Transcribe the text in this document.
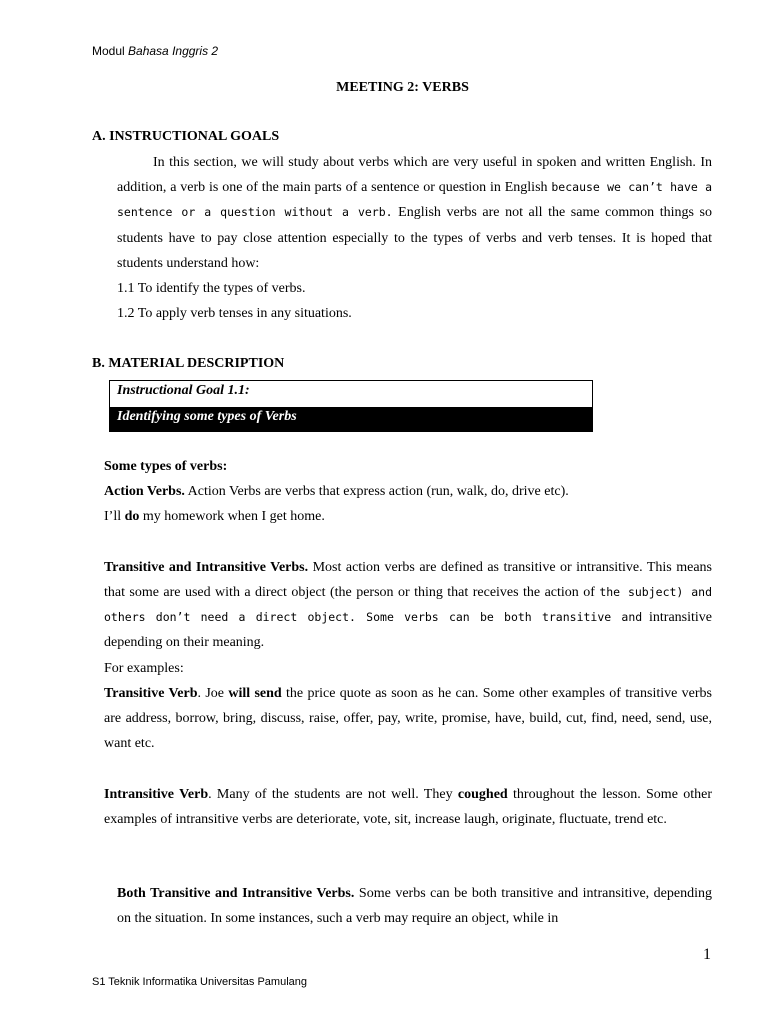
Modul Bahasa Inggris 2
MEETING 2: VERBS
A. INSTRUCTIONAL GOALS

In this section, we will study about verbs which are very useful in spoken and written English. In addition, a verb is one of the main parts of a sentence or question in English because we can’t have a sentence or a question without a verb. English verbs are not all the same common things so students have to pay close attention especially to the types of verbs and verb tenses. It is hoped that students understand how:

1.1 To identify the types of verbs.

1.2 To apply verb tenses in any situations.

B. MATERIAL DESCRIPTION
Instructional Goal 1.1:
Identifying some types of Verbs

Some types of verbs:

Action Verbs. Action Verbs are verbs that express action (run, walk, do, drive etc).

I’ll do my homework when I get home.

Transitive and Intransitive Verbs. Most action verbs are defined as transitive or intransitive. This means that some are used with a direct object (the person or thing that receives the action of the subject) and others don’t need a direct object. Some verbs can be both transitive and intransitive depending on their meaning.

For examples:

Transitive Verb. Joe will send the price quote as soon as he can. Some other examples of transitive verbs are address, borrow, bring, discuss, raise, offer, pay, write, promise, have, build, cut, find, need, send, use, want etc.

Intransitive Verb. Many of the students are not well. They coughed throughout the lesson. Some other examples of intransitive verbs are deteriorate, vote, sit, increase laugh, originate, fluctuate, trend etc.

Both Transitive and Intransitive Verbs. Some verbs can be both transitive and intransitive, depending on the situation. In some instances, such a verb may require an object, while in

1
S1 Teknik Informatika Universitas Pamulang
